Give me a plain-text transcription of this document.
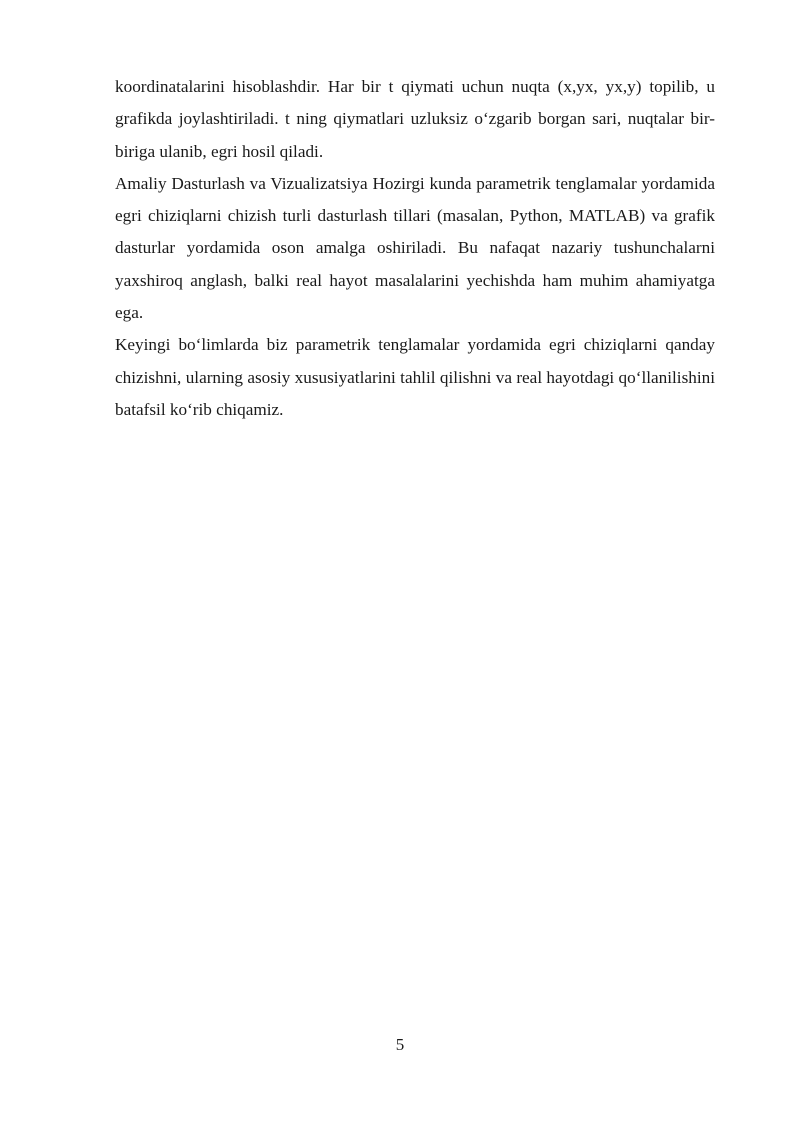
koordinatalarini hisoblashdir. Har bir t qiymati uchun nuqta (x,yx, yx,y) topilib, u grafikda joylashtiriladi. t ning qiymatlari uzluksiz o‘zgarib borgan sari, nuqtalar bir-biriga ulanib, egri hosil qiladi.

Amaliy Dasturlash va Vizualizatsiya Hozirgi kunda parametrik tenglamalar yordamida egri chiziqlarni chizish turli dasturlash tillari (masalan, Python, MATLAB) va grafik dasturlar yordamida oson amalga oshiriladi. Bu nafaqat nazariy tushunchalarni yaxshiroq anglash, balki real hayot masalalarini yechishda ham muhim ahamiyatga ega.

Keyingi bo‘limlarda biz parametrik tenglamalar yordamida egri chiziqlarni qanday chizishni, ularning asosiy xususiyatlarini tahlil qilishni va real hayotdagi qo‘llanilishini batafsil ko‘rib chiqamiz.

5
